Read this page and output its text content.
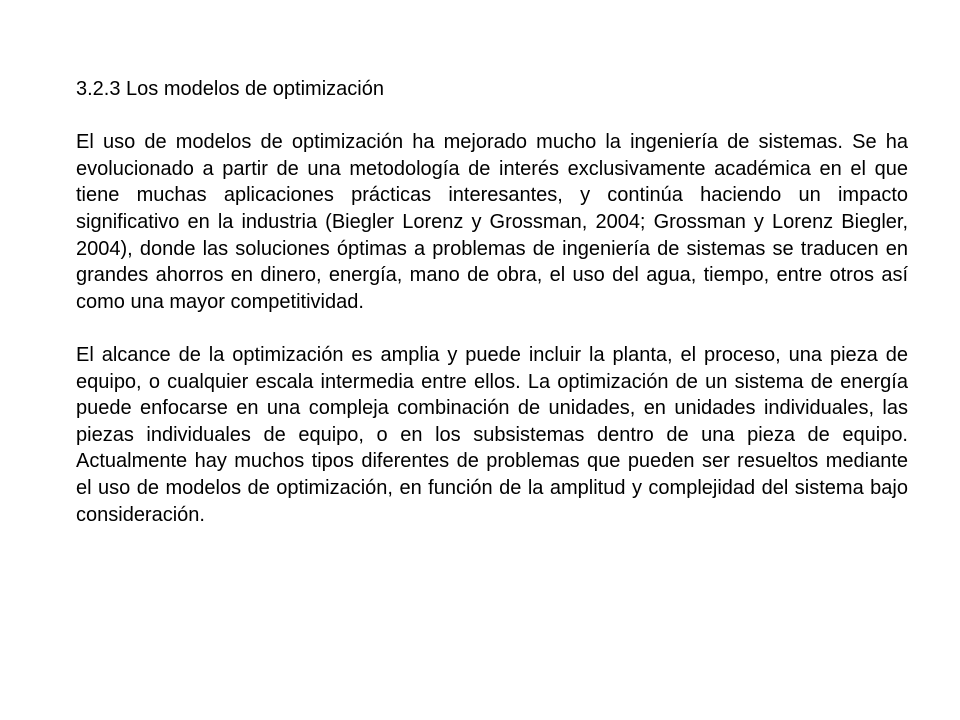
3.2.3 Los modelos de optimización

El uso de modelos de optimización ha mejorado mucho la ingeniería de sistemas. Se ha evolucionado a partir de una metodología de interés exclusivamente académica en el que tiene muchas aplicaciones prácticas interesantes, y continúa haciendo un impacto significativo en la industria (Biegler Lorenz y Grossman, 2004; Grossman y Lorenz Biegler, 2004), donde las soluciones óptimas a problemas de ingeniería de sistemas se traducen en grandes ahorros en dinero, energía, mano de obra, el uso del agua, tiempo, entre otros así como una mayor competitividad.

El alcance de la optimización es amplia y puede incluir la planta, el proceso, una pieza de equipo, o cualquier escala intermedia entre ellos. La optimización de un sistema de energía puede enfocarse en una compleja combinación de unidades, en unidades individuales, las piezas individuales de equipo, o en los subsistemas dentro de una pieza de equipo. Actualmente hay muchos tipos diferentes de problemas que pueden ser resueltos mediante el uso de modelos de optimización, en función de la amplitud y complejidad del sistema bajo consideración.
